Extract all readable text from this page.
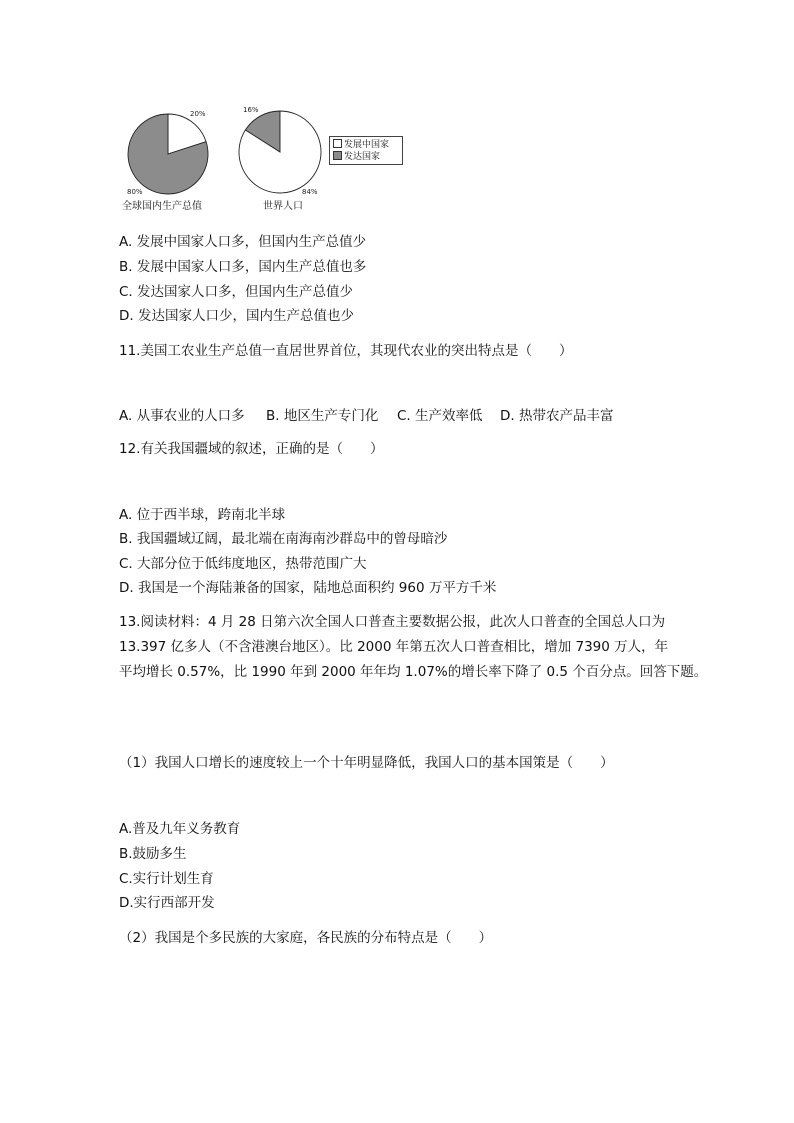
20%
80%
全球国内生产总值
16%
84%
世界人口
发展中国家
发达国家
A. 发展中国家人口多，但国内生产总值少
B. 发展中国家人口多，国内生产总值也多
C. 发达国家人口多，但国内生产总值少
D. 发达国家人口少，国内生产总值也少
11.美国工农业生产总值一直居世界首位，其现代农业的突出特点是（　　）
A. 从事农业的人口多 B. 地区生产专门化 C. 生产效率低 D. 热带农产品丰富
12.有关我国疆域的叙述，正确的是（　　）
A. 位于西半球，跨南北半球
B. 我国疆域辽阔，最北端在南海南沙群岛中的曾母暗沙
C. 大部分位于低纬度地区，热带范围广大
D. 我国是一个海陆兼备的国家，陆地总面积约 960 万平方千米
13.阅读材料：4 月 28 日第六次全国人口普查主要数据公报，此次人口普查的全国总人口为
13.397 亿多人（不含港澳台地区）。比 2000 年第五次人口普查相比，增加 7390 万人，年
平均增长 0.57%，比 1990 年到 2000 年年均 1.07%的增长率下降了 0.5 个百分点。回答下题。
（1）我国人口增长的速度较上一个十年明显降低，我国人口的基本国策是（　　）
A.普及九年义务教育
B.鼓励多生
C.实行计划生育
D.实行西部开发
（2）我国是个多民族的大家庭，各民族的分布特点是（　　）
